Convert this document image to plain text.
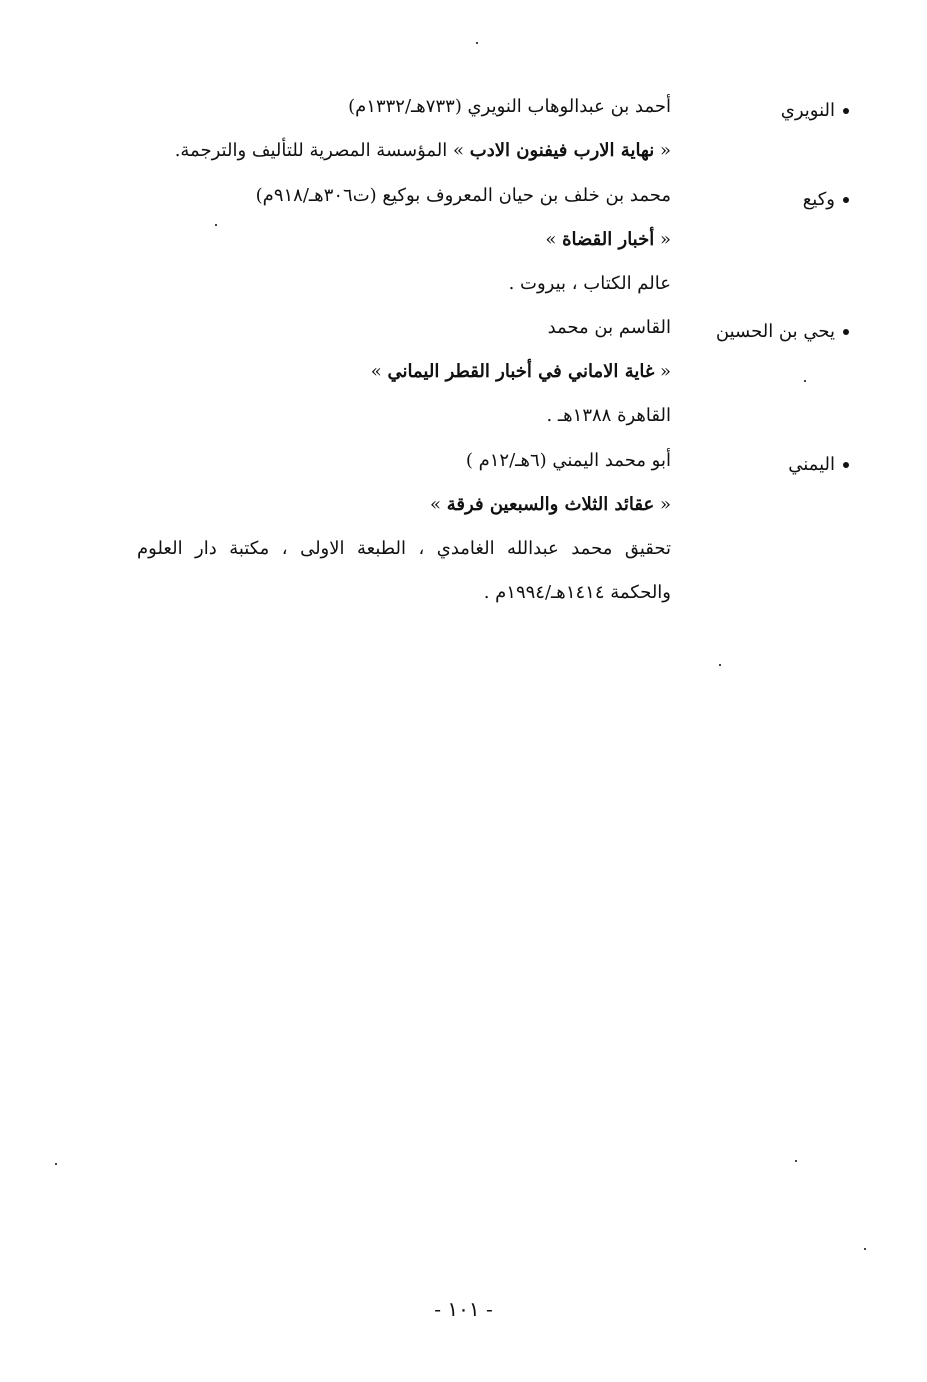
النويري
أحمد بن عبدالوهاب النويري (٧٣٣هـ/١٣٣٢م)
« نهاية الارب فيفنون الادب » المؤسسة المصرية للتأليف والترجمة.
وكيع
محمد بن خلف بن حيان المعروف بوكيع (ت٣٠٦هـ/٩١٨م)
« أخبار القضاة »
عالم الكتاب ، بيروت .
يحي بن الحسين
القاسم بن محمد
« غاية الاماني في أخبار القطر اليماني »
القاهرة ١٣٨٨هـ .
اليمني
أبو محمد اليمني (٦هـ/١٢م )
« عقائد الثلاث والسبعين فرقة »
تحقيق محمد عبدالله الغامدي ، الطبعة الاولى ، مكتبة دار العلوم
والحكمة ١٤١٤هـ/١٩٩٤م .
- ١٠١ -
